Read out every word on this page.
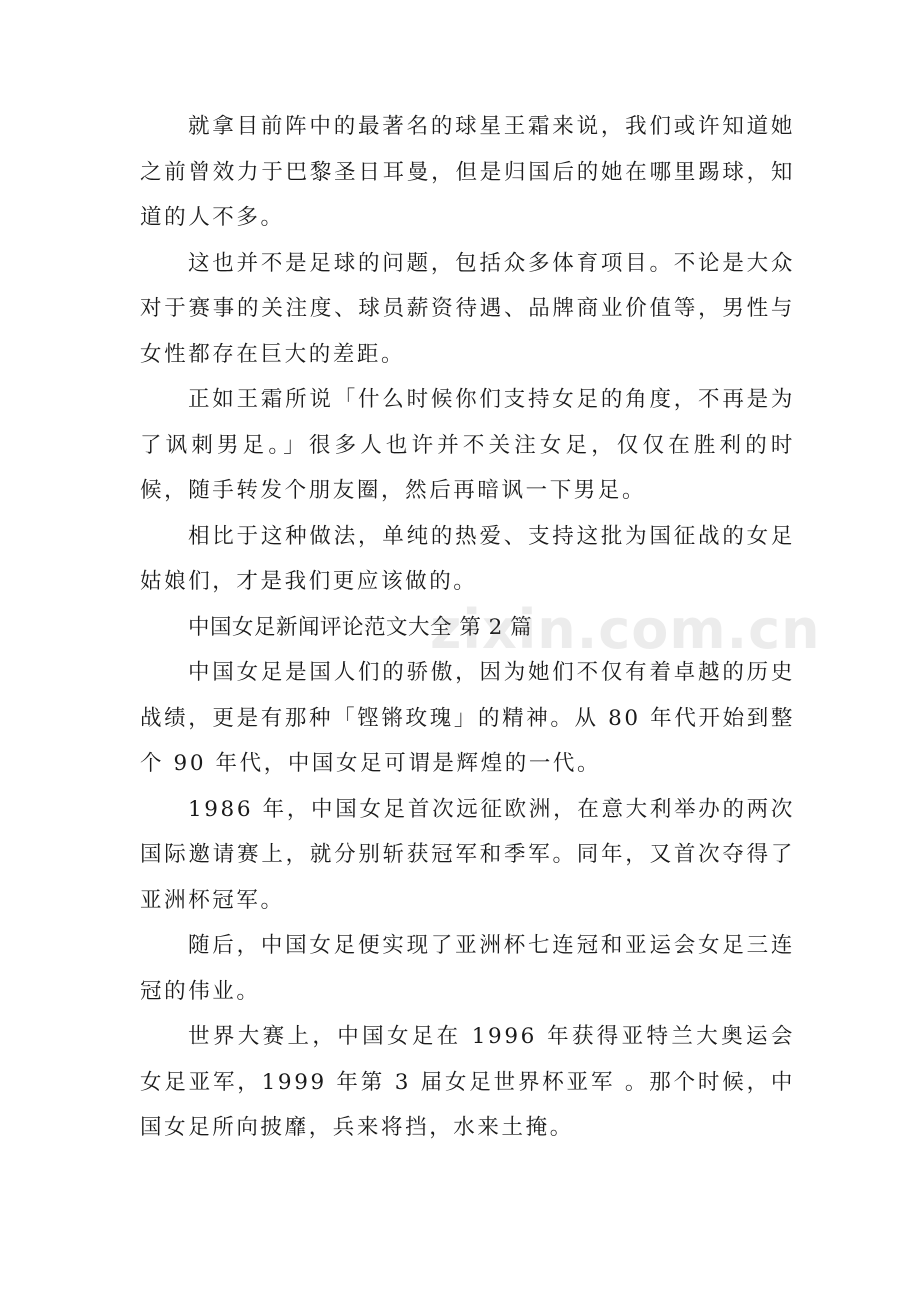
就拿目前阵中的最著名的球星王霜来说，我们或许知道她之前曾效力于巴黎圣日耳曼，但是归国后的她在哪里踢球，知道的人不多。

这也并不是足球的问题，包括众多体育项目。不论是大众对于赛事的关注度、球员薪资待遇、品牌商业价值等，男性与女性都存在巨大的差距。

正如王霜所说「什么时候你们支持女足的角度，不再是为了讽刺男足。」很多人也许并不关注女足，仅仅在胜利的时候，随手转发个朋友圈，然后再暗讽一下男足。

相比于这种做法，单纯的热爱、支持这批为国征战的女足姑娘们，才是我们更应该做的。

中国女足新闻评论范文大全 第 2 篇

中国女足是国人们的骄傲，因为她们不仅有着卓越的历史战绩，更是有那种「铿锵玫瑰」的精神。从 80 年代开始到整个 90 年代，中国女足可谓是辉煌的一代。

1986 年，中国女足首次远征欧洲，在意大利举办的两次国际邀请赛上，就分别斩获冠军和季军。同年，又首次夺得了亚洲杯冠军。

随后，中国女足便实现了亚洲杯七连冠和亚运会女足三连冠的伟业。

世界大赛上，中国女足在 1996 年获得亚特兰大奥运会女足亚军，1999 年第 3 届女足世界杯亚军 。那个时候，中国女足所向披靡，兵来将挡，水来土掩。

zixin.com.cn
